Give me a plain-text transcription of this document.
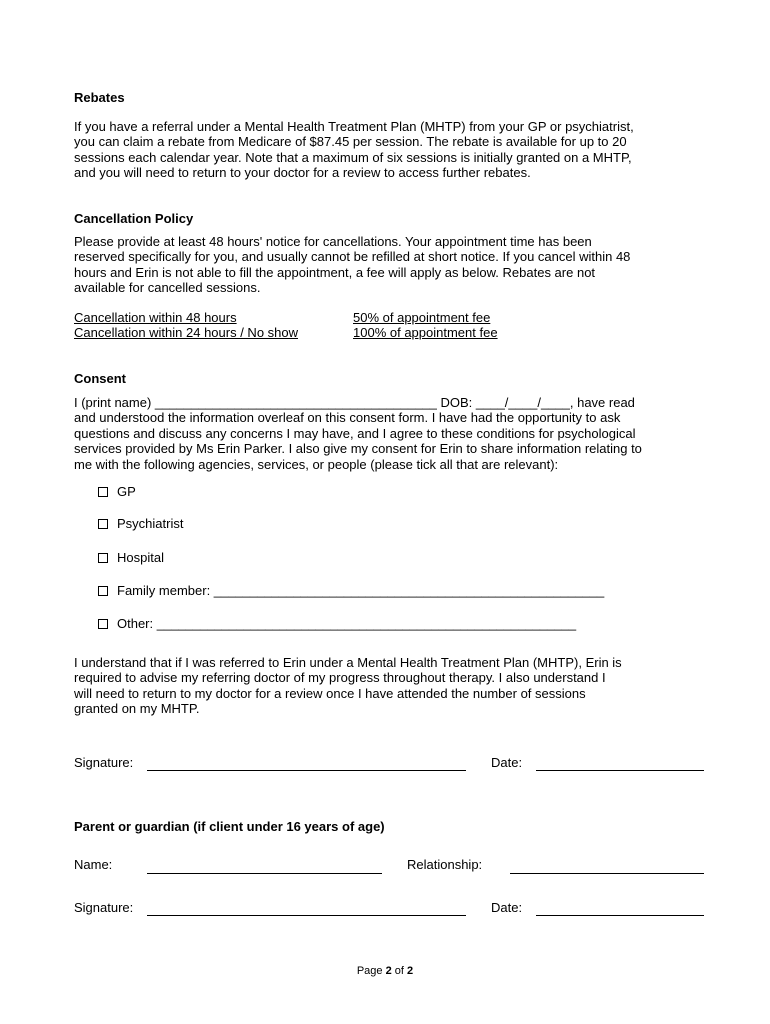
Rebates
If you have a referral under a Mental Health Treatment Plan (MHTP) from your GP or psychiatrist,
you can claim a rebate from Medicare of $87.45 per session. The rebate is available for up to 20
sessions each calendar year. Note that a maximum of six sessions is initially granted on a MHTP,
and you will need to return to your doctor for a review to access further rebates.
Cancellation Policy
Please provide at least 48 hours' notice for cancellations. Your appointment time has been
reserved specifically for you, and usually cannot be refilled at short notice. If you cancel within 48
hours and Erin is not able to fill the appointment, a fee will apply as below. Rebates are not
available for cancelled sessions.
Cancellation within 48 hours	50% of appointment fee
Cancellation within 24 hours / No show	100% of appointment fee
Consent
I (print name) _______________________________________ DOB: ____/____/____, have read
and understood the information overleaf on this consent form. I have had the opportunity to ask
questions and discuss any concerns I may have, and I agree to these conditions for psychological
services provided by Ms Erin Parker. I also give my consent for Erin to share information relating to
me with the following agencies, services, or people (please tick all that are relevant):
GP
Psychiatrist
Hospital
Family member: ______________________________________________________
Other: __________________________________________________________
I understand that if I was referred to Erin under a Mental Health Treatment Plan (MHTP), Erin is
required to advise my referring doctor of my progress throughout therapy. I also understand I
will need to return to my doctor for a review once I have attended the number of sessions
granted on my MHTP.
Signature:	Date:
Parent or guardian (if client under 16 years of age)
Name:	Relationship:
Signature:	Date:
Page 2 of 2
